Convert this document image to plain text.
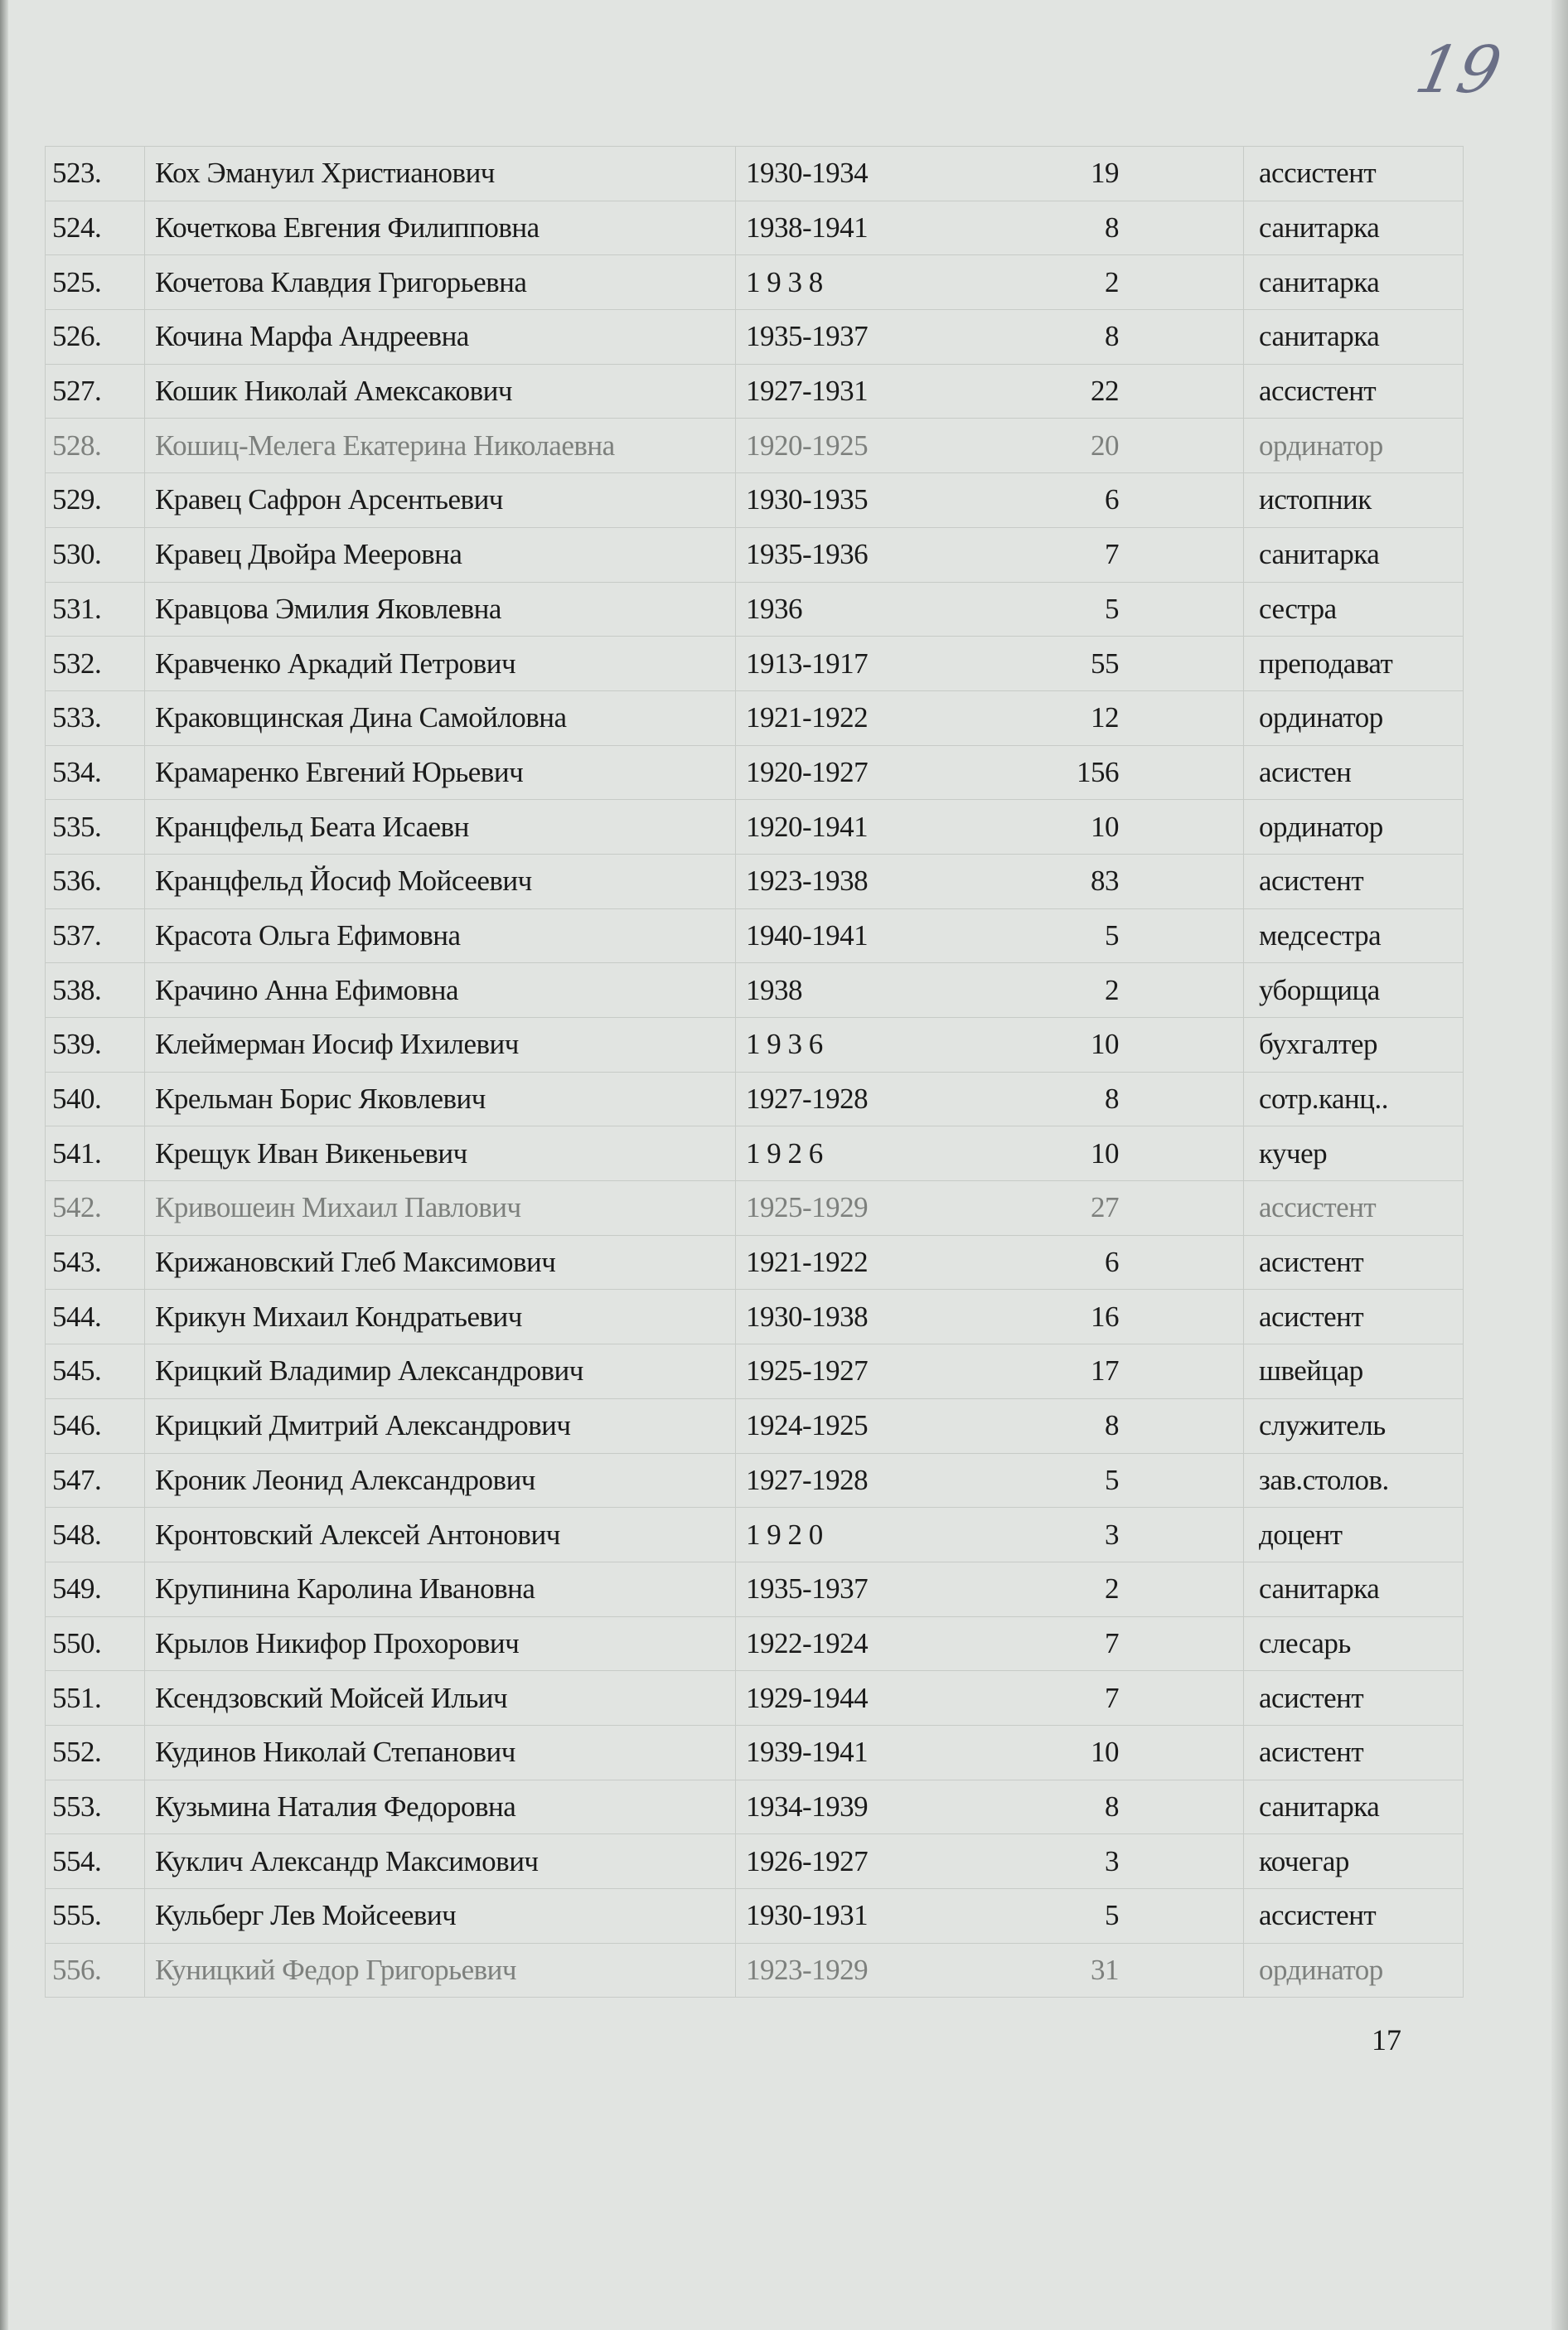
19
523.	Кох Эмануил Христианович	1930-1934	19	ассистент
524.	Кочеткова Евгения Филипповна	1938-1941	8	санитарка
525.	Кочетова Клавдия Григорьевна	1 9 3 8	2	санитарка
526.	Кочина Марфа Андреевна	1935-1937	8	санитарка
527.	Кошик Николай Амексакович	1927-1931	22	ассистент
528.	Кошиц-Мелега Екатерина Николаевна	1920-1925	20	ординатор
529.	Кравец Сафрон Арсентьевич	1930-1935	6	истопник
530.	Кравец Двойра Мееровна	1935-1936	7	санитарка
531.	Кравцова Эмилия Яковлевна	1936	5	сестра
532.	Кравченко Аркадий Петрович	1913-1917	55	преподават
533.	Краковщинская Дина Самойловна	1921-1922	12	ординатор
534.	Крамаренко Евгений Юрьевич	1920-1927	156	асистен
535.	Кранцфельд Беата Исаевн	1920-1941	10	ординатор
536.	Кранцфельд Йосиф Мойсеевич	1923-1938	83	асистент
537.	Красота Ольга Ефимовна	1940-1941	5	медсестра
538.	Крачино Анна Ефимовна	1938	2	уборщица
539.	Клеймерман Иосиф Ихилевич	1 9 3 6	10	бухгалтер
540.	Крельман Борис Яковлевич	1927-1928	8	сотр.канц..
541.	Крещук Иван Викеньевич	1 9 2 6	10	кучер
542.	Кривошеин Михаил Павлович	1925-1929	27	ассистент
543.	Крижановский Глеб Максимович	1921-1922	6	асистент
544.	Крикун Михаил Кондратьевич	1930-1938	16	асистент
545.	Крицкий Владимир Александрович	1925-1927	17	швейцар
546.	Крицкий Дмитрий Александрович	1924-1925	8	служитель
547.	Кроник Леонид Александрович	1927-1928	5	зав.столов.
548.	Кронтовский Алексей Антонович	1 9 2 0	3	доцент
549.	Крупинина Каролина Ивановна	1935-1937	2	санитарка
550.	Крылов Никифор Прохорович	1922-1924	7	слесарь
551.	Ксендзовский Мойсей Ильич	1929-1944	7	асистент
552.	Кудинов Николай Степанович	1939-1941	10	асистент
553.	Кузьмина Наталия Федоровна	1934-1939	8	санитарка
554.	Куклич Александр Максимович	1926-1927	3	кочегар
555.	Кульберг Лев Мойсеевич	1930-1931	5	ассистент
556.	Куницкий Федор Григорьевич	1923-1929	31	ординатор
17
